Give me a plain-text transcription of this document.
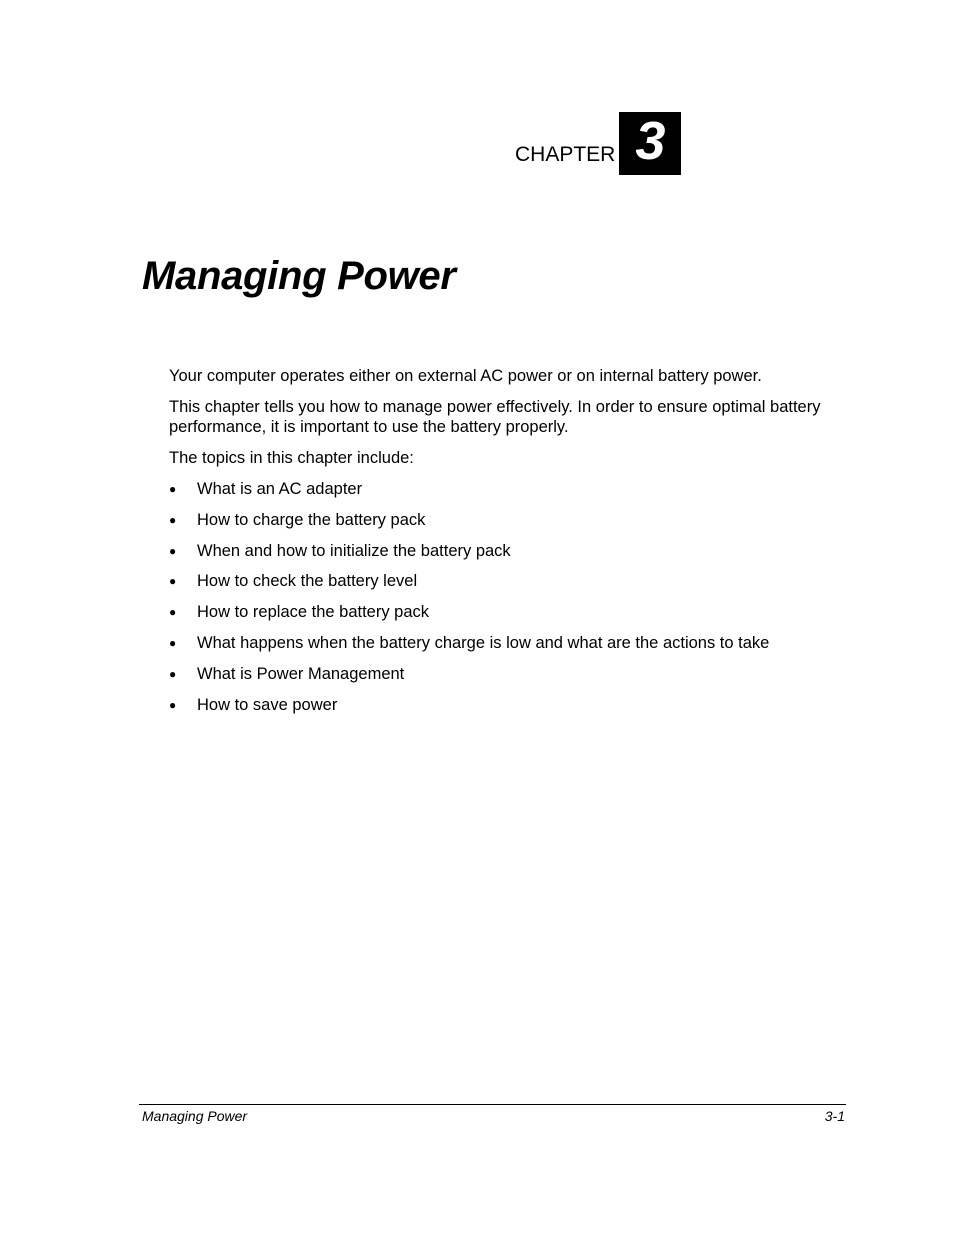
CHAPTER 3
Managing Power

Your computer operates either on external AC power or on internal battery power.

This chapter tells you how to manage power effectively. In order to ensure optimal battery performance, it is important to use the battery properly.

The topics in this chapter include:

●	What is an AC adapter
●	How to charge the battery pack
●	When and how to initialize the battery pack
●	How to check the battery level
●	How to replace the battery pack
●	What happens when the battery charge is low and what are the actions to take
●	What is Power Management
●	How to save power
Managing Power	3-1
